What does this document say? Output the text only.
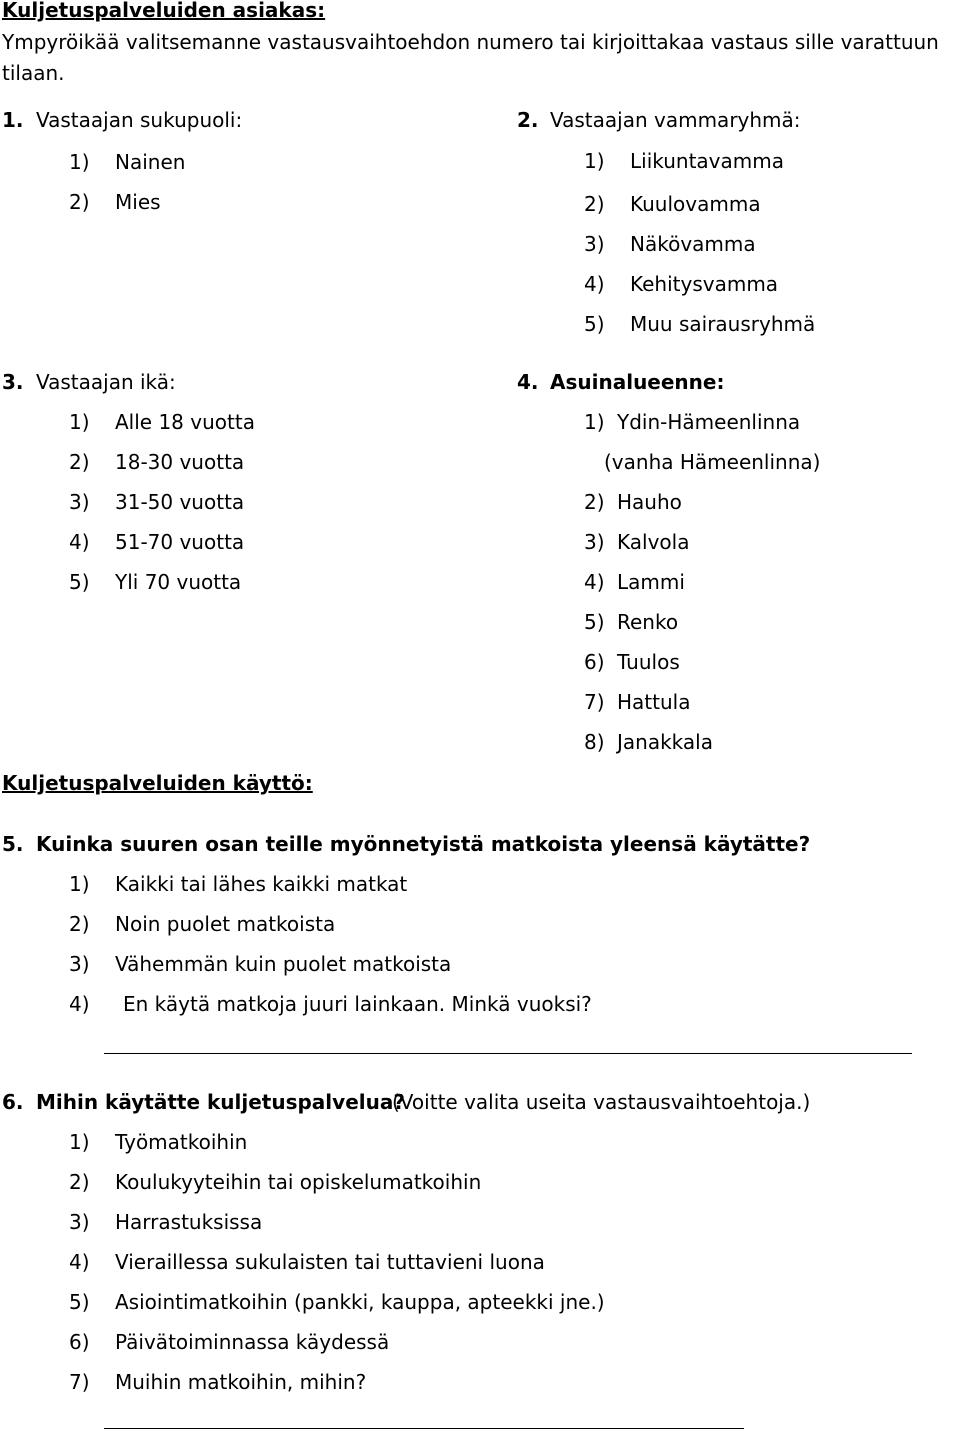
Kuljetuspalveluiden asiakas:
Ympyröikää valitsemanne vastausvaihtoehdon numero tai kirjoittakaa vastaus sille varattuun
tilaan.
1. Vastaajan sukupuoli:
1) Nainen
2) Mies
2. Vastaajan vammaryhmä:
1) Liikuntavamma
2) Kuulovamma
3) Näkövamma
4) Kehitysvamma
5) Muu sairausryhmä
3. Vastaajan ikä:
1) Alle 18 vuotta
2) 18-30 vuotta
3) 31-50 vuotta
4) 51-70 vuotta
5) Yli 70 vuotta
4. Asuinalueenne:
1) Ydin-Hämeenlinna
(vanha Hämeenlinna)
2) Hauho
3) Kalvola
4) Lammi
5) Renko
6) Tuulos
7) Hattula
8) Janakkala
Kuljetuspalveluiden käyttö:
5. Kuinka suuren osan teille myönnetyistä matkoista yleensä käytätte?
1) Kaikki tai lähes kaikki matkat
2) Noin puolet matkoista
3) Vähemmän kuin puolet matkoista
4) En käytä matkoja juuri lainkaan. Minkä vuoksi?
6. Mihin käytätte kuljetuspalvelua?
(Voitte valita useita vastausvaihtoehtoja.)
1) Työmatkoihin
2) Koulukyyteihin tai opiskelumatkoihin
3) Harrastuksissa
4) Vieraillessa sukulaisten tai tuttavieni luona
5) Asiointimatkoihin (pankki, kauppa, apteekki jne.)
6) Päivätoiminnassa käydessä
7) Muihin matkoihin, mihin?
